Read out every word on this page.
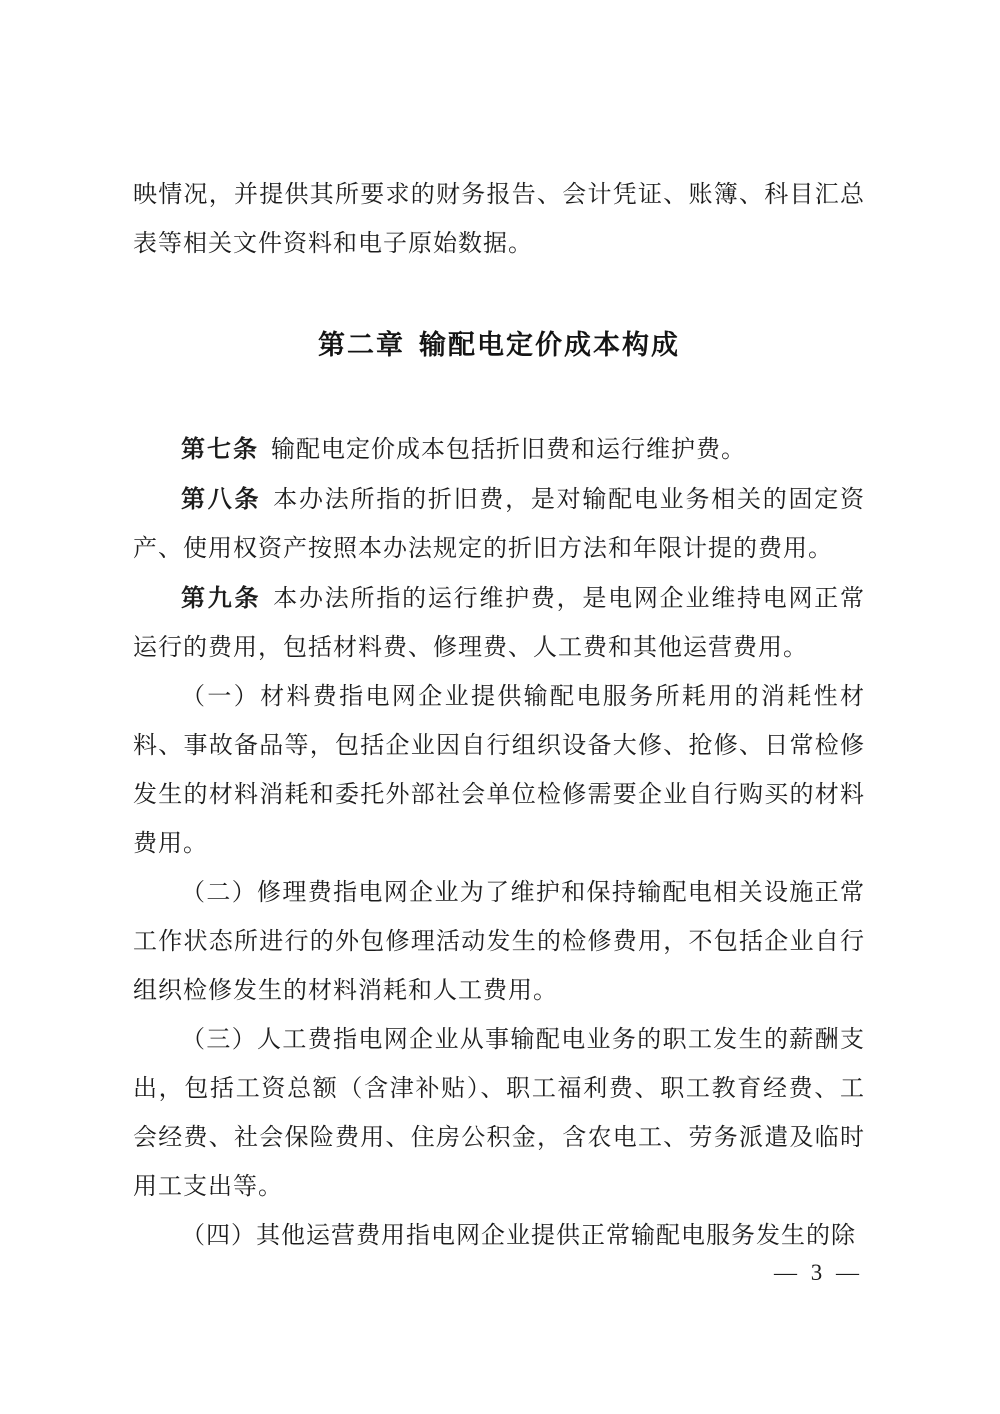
映情况，并提供其所要求的财务报告、会计凭证、账簿、科目汇总表等相关文件资料和电子原始数据。

第二章 输配电定价成本构成

第七条 输配电定价成本包括折旧费和运行维护费。

第八条 本办法所指的折旧费，是对输配电业务相关的固定资产、使用权资产按照本办法规定的折旧方法和年限计提的费用。

第九条 本办法所指的运行维护费，是电网企业维持电网正常运行的费用，包括材料费、修理费、人工费和其他运营费用。

（一）材料费指电网企业提供输配电服务所耗用的消耗性材料、事故备品等，包括企业因自行组织设备大修、抢修、日常检修发生的材料消耗和委托外部社会单位检修需要企业自行购买的材料费用。

（二）修理费指电网企业为了维护和保持输配电相关设施正常工作状态所进行的外包修理活动发生的检修费用，不包括企业自行组织检修发生的材料消耗和人工费用。

（三）人工费指电网企业从事输配电业务的职工发生的薪酬支出，包括工资总额（含津补贴）、职工福利费、职工教育经费、工会经费、社会保险费用、住房公积金，含农电工、劳务派遣及临时用工支出等。

（四）其他运营费用指电网企业提供正常输配电服务发生的除

— 3 —
